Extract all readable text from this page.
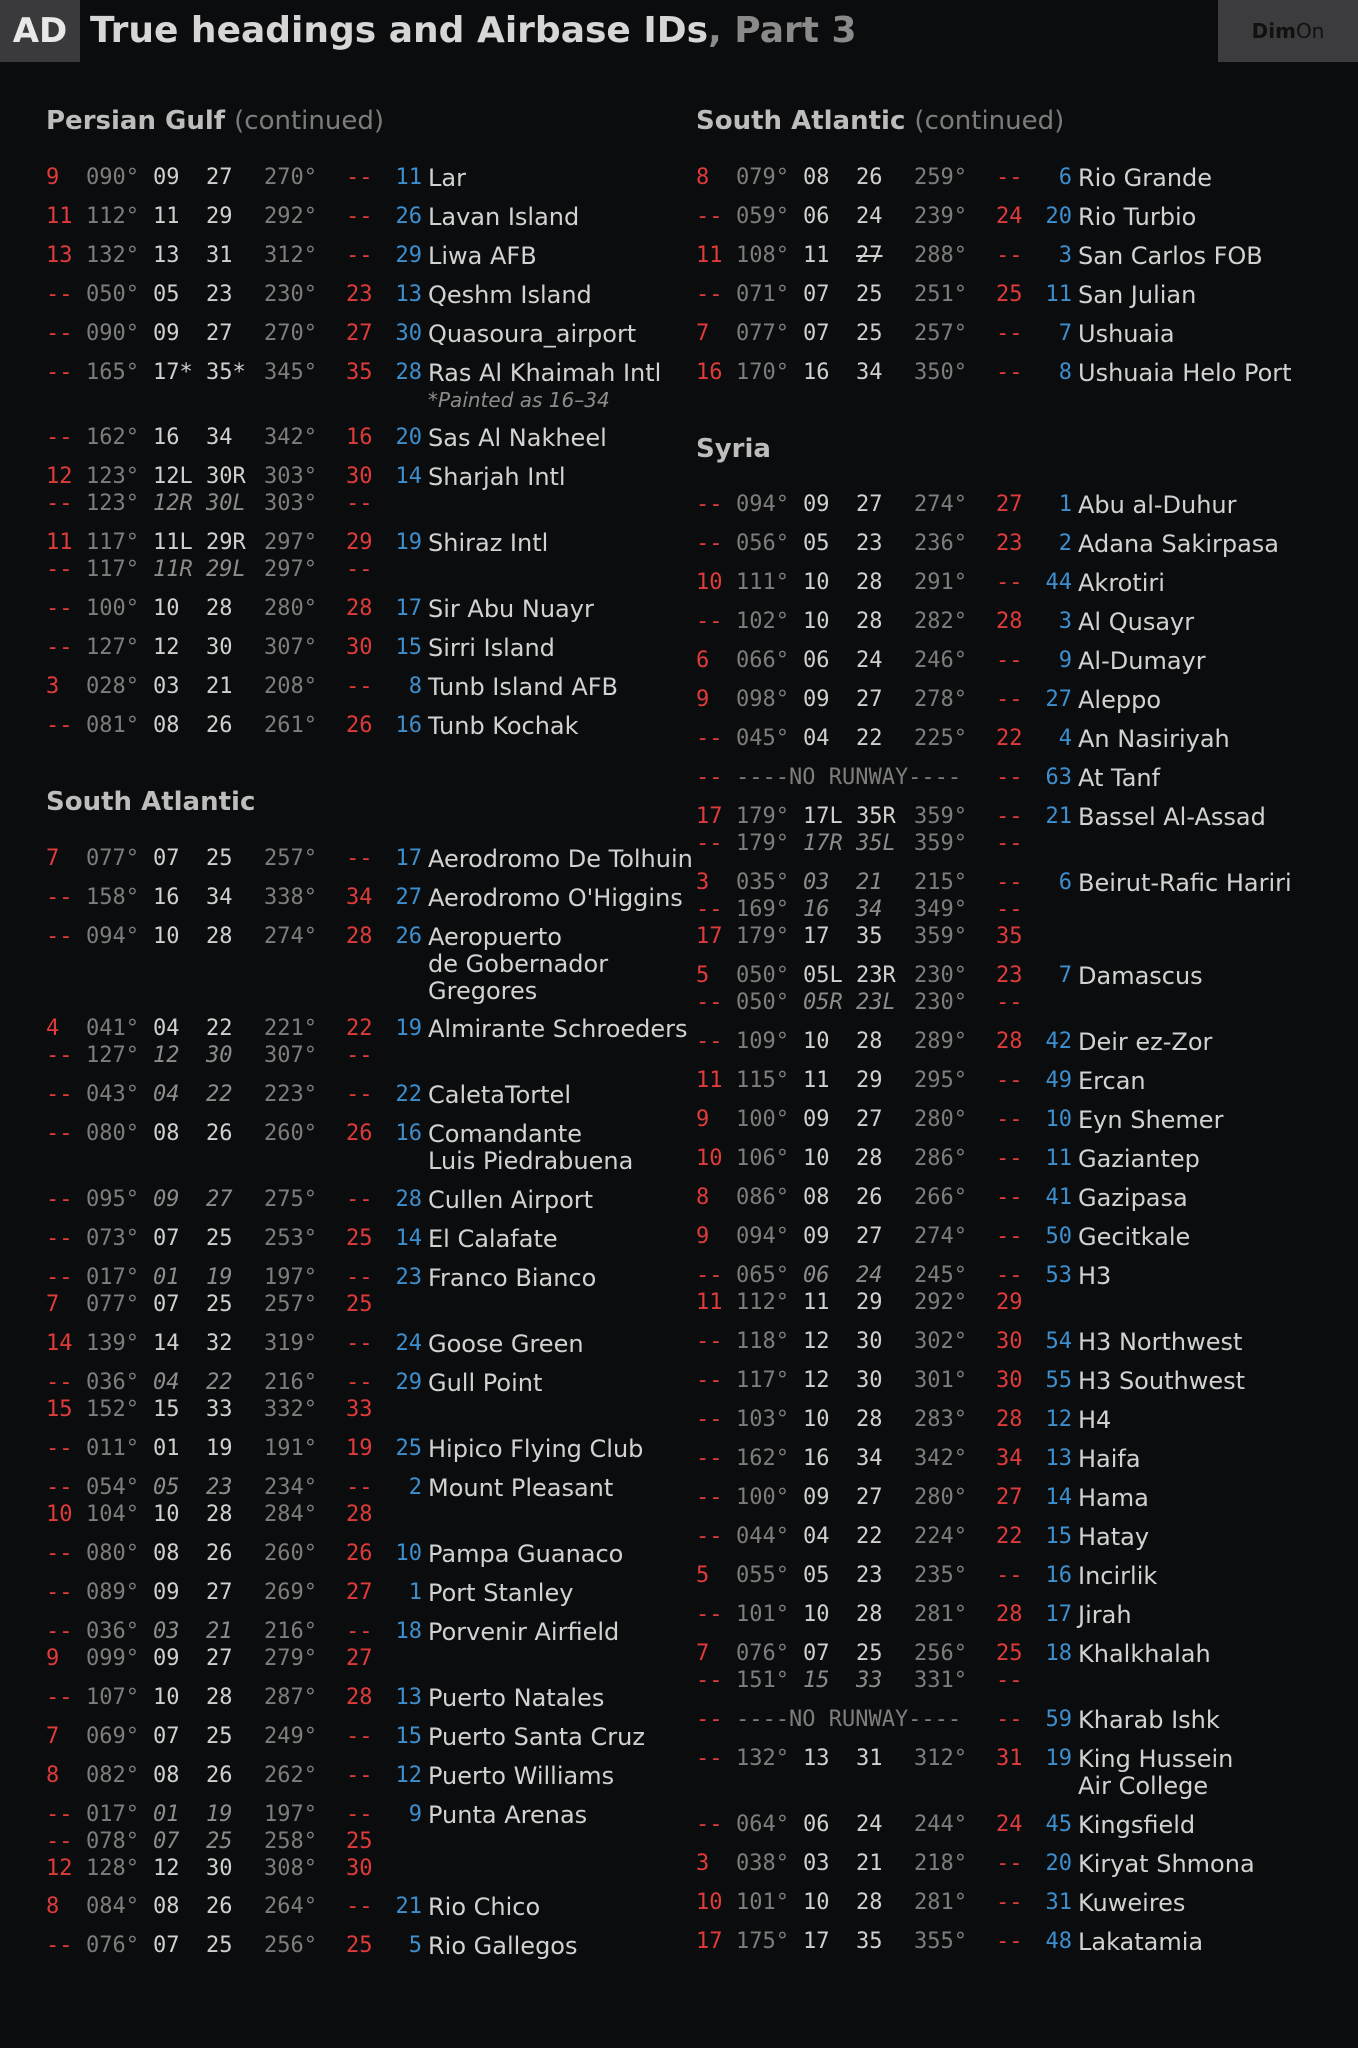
AD True headings and Airbase IDs, Part 3	DimOn
Persian Gulf (continued)
9	090° 09	27	270°	--	11 Lar
11 112° 11	29	292°	--	26 Lavan Island
13 132° 13	31	312°	--	29 Liwa AFB
-- 050° 05	23	230°	23	13 Qeshm Island
-- 090° 09	27	270°	27	30 Quasoura_airport
-- 165° 17* 35* 345°	35	28 Ras Al Khaimah Intl
*Painted as 16–34
-- 162° 16	34	342°	16	20 Sas Al Nakheel
12 123° 12L 30R 303°	30	14 Sharjah Intl
-- 123° 12R 30L 303°	--
11 117° 11L 29R 297°	29	19 Shiraz Intl
-- 117° 11R 29L 297°	--
-- 100° 10	28	280°	28	17 Sir Abu Nuayr
-- 127° 12	30	307°	30	15 Sirri Island
3	028° 03	21	208°	--	8 Tunb Island AFB
-- 081° 08	26	261°	26	16 Tunb Kochak
South Atlantic
7	077° 07	25	257°	--	17 Aerodromo De Tolhuin
-- 158° 16	34	338°	34	27 Aerodromo O'Higgins
-- 094° 10	28	274°	28	26 Aeropuerto
de Gobernador
Gregores
4	041° 04	22	221°	22	19 Almirante Schroeders
-- 127° 12	30	307°	--
-- 043° 04	22	223°	--	22 CaletaTortel
-- 080° 08	26	260°	26	16 Comandante
Luis Piedrabuena
-- 095° 09	27	275°	--	28 Cullen Airport
-- 073° 07	25	253°	25	14 El Calafate
-- 017° 01	19	197°	--	23 Franco Bianco
7	077° 07	25	257°	25
14 139° 14	32	319°	--	24 Goose Green
-- 036° 04	22	216°	--	29 Gull Point
15 152° 15	33	332°	33
-- 011° 01	19	191°	19	25 Hipico Flying Club
-- 054° 05	23	234°	--	2 Mount Pleasant
10 104° 10	28	284°	28
-- 080° 08	26	260°	26	10 Pampa Guanaco
-- 089° 09	27	269°	27	1 Port Stanley
-- 036° 03	21	216°	--	18 Porvenir Airfield
9	099° 09	27	279°	27
-- 107° 10	28	287°	28	13 Puerto Natales
7	069° 07	25	249°	--	15 Puerto Santa Cruz
8	082° 08	26	262°	--	12 Puerto Williams
-- 017° 01	19	197°	--	9 Punta Arenas
-- 078° 07	25	258°	25
12 128° 12	30	308°	30
8	084° 08	26	264°	--	21 Rio Chico
-- 076° 07	25	256°	25	5 Rio Gallegos
South Atlantic (continued)
8	079° 08	26	259°	--	6 Rio Grande
-- 059° 06	24	239°	24	20 Rio Turbio
11 108° 11	27	288°	--	3 San Carlos FOB
-- 071° 07	25	251°	25	11 San Julian
7	077° 07	25	257°	--	7 Ushuaia
16 170° 16	34	350°	--	8 Ushuaia Helo Port
Syria
-- 094° 09	27	274°	27	1 Abu al-Duhur
-- 056° 05	23	236°	23	2 Adana Sakirpasa
10 111° 10	28	291°	--	44 Akrotiri
-- 102° 10	28	282°	28	3 Al Qusayr
6	066° 06	24	246°	--	9 Al-Dumayr
9	098° 09	27	278°	--	27 Aleppo
-- 045° 04	22	225°	22	4 An Nasiriyah
-- ----NO RUNWAY----	--	63 At Tanf
17 179° 17L 35R 359°	--	21 Bassel Al-Assad
-- 179° 17R 35L 359°	--
3	035° 03	21	215°	--	6 Beirut-Rafic Hariri
-- 169° 16	34	349°	--
17 179° 17	35	359°	35
5	050° 05L 23R 230°	23	7 Damascus
-- 050° 05R 23L 230°	--
-- 109° 10	28	289°	28	42 Deir ez-Zor
11 115° 11	29	295°	--	49 Ercan
9	100° 09	27	280°	--	10 Eyn Shemer
10 106° 10	28	286°	--	11 Gaziantep
8	086° 08	26	266°	--	41 Gazipasa
9	094° 09	27	274°	--	50 Gecitkale
-- 065° 06	24	245°	--	53 H3
11 112° 11	29	292°	29
-- 118° 12	30	302°	30	54 H3 Northwest
-- 117° 12	30	301°	30	55 H3 Southwest
-- 103° 10	28	283°	28	12 H4
-- 162° 16	34	342°	34	13 Haifa
-- 100° 09	27	280°	27	14 Hama
-- 044° 04	22	224°	22	15 Hatay
5	055° 05	23	235°	--	16 Incirlik
-- 101° 10	28	281°	28	17 Jirah
7	076° 07	25	256°	25	18 Khalkhalah
-- 151° 15	33	331°	--
-- ----NO RUNWAY----	--	59 Kharab Ishk
-- 132° 13	31	312°	31	19 King Hussein
Air College
-- 064° 06	24	244°	24	45 Kingsfield
3	038° 03	21	218°	--	20 Kiryat Shmona
10 101° 10	28	281°	--	31 Kuweires
17 175° 17	35	355°	--	48 Lakatamia
